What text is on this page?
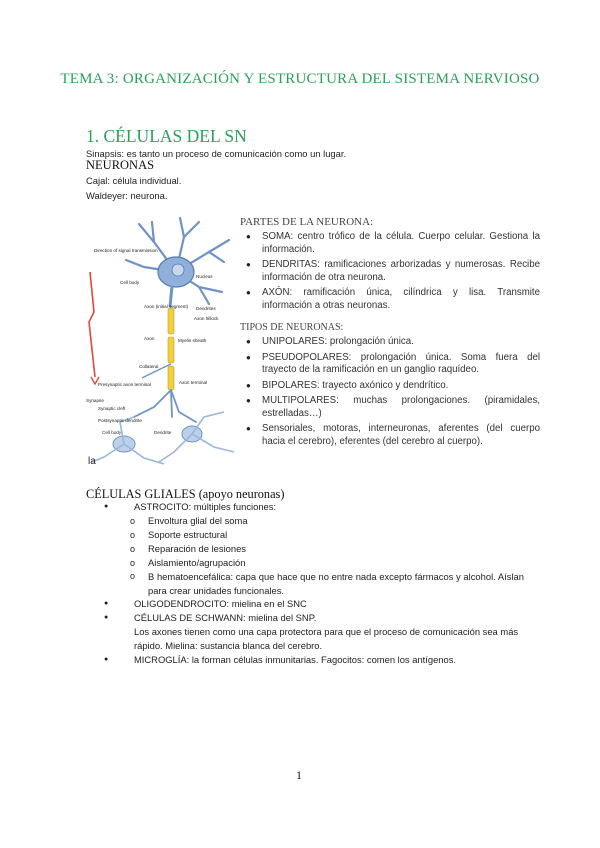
TEMA 3: ORGANIZACIÓN Y ESTRUCTURA DEL SISTEMA NERVIOSO
1. CÉLULAS DEL SN
Sinapsis: es tanto un proceso de comunicación como un lugar.
NEURONAS
Cajal: célula individual.
Waldeyer: neurona.
Direction of signal transmission
Cell body
Nucleus
Axon (initial segment) Dendrites
Axon hillock
Axon	Myelin sheath
Collateral
Presynaptic axon terminal	Axon terminal
Synapse
Synaptic cleft
Postsynaptic dendrite
Dendrite
Cell body
la
PARTES DE LA NEURONA:
● SOMA: centro trófico de la célula. Cuerpo celular. Gestiona la información.
● DENDRITAS: ramificaciones arborizadas y numerosas. Recibe información de otra neurona.
● AXÓN: ramificación única, cilíndrica y lisa. Transmite información a otras neuronas.
TIPOS DE NEURONAS:
● UNIPOLARES: prolongación única.
● PSEUDOPOLARES: prolongación única. Soma fuera del trayecto de la ramificación en un ganglio raquídeo.
● BIPOLARES: trayecto axónico y dendrítico.
● MULTIPOLARES: muchas prolongaciones. (piramidales, estrelladas…)
● Sensoriales, motoras, interneuronas, aferentes (del cuerpo hacia el cerebro), eferentes (del cerebro al cuerpo).
CÉLULAS GLIALES (apoyo neuronas)
● ASTROCITO: múltiples funciones:
o Envoltura glial del soma
o Soporte estructural
o Reparación de lesiones
o Aislamiento/agrupación
o B hematoencefálica: capa que hace que no entre nada excepto fármacos y alcohol. Aíslan para crear unidades funcionales.
● OLIGODENDROCITO: mielina en el SNC
● CÉLULAS DE SCHWANN: mielina del SNP.
Los axones tienen como una capa protectora para que el proceso de comunicación sea más rápido. Mielina: sustancia blanca del cerebro.
● MICROGLÍA: la forman células inmunitarias. Fagocitos: comen los antígenos.
1
